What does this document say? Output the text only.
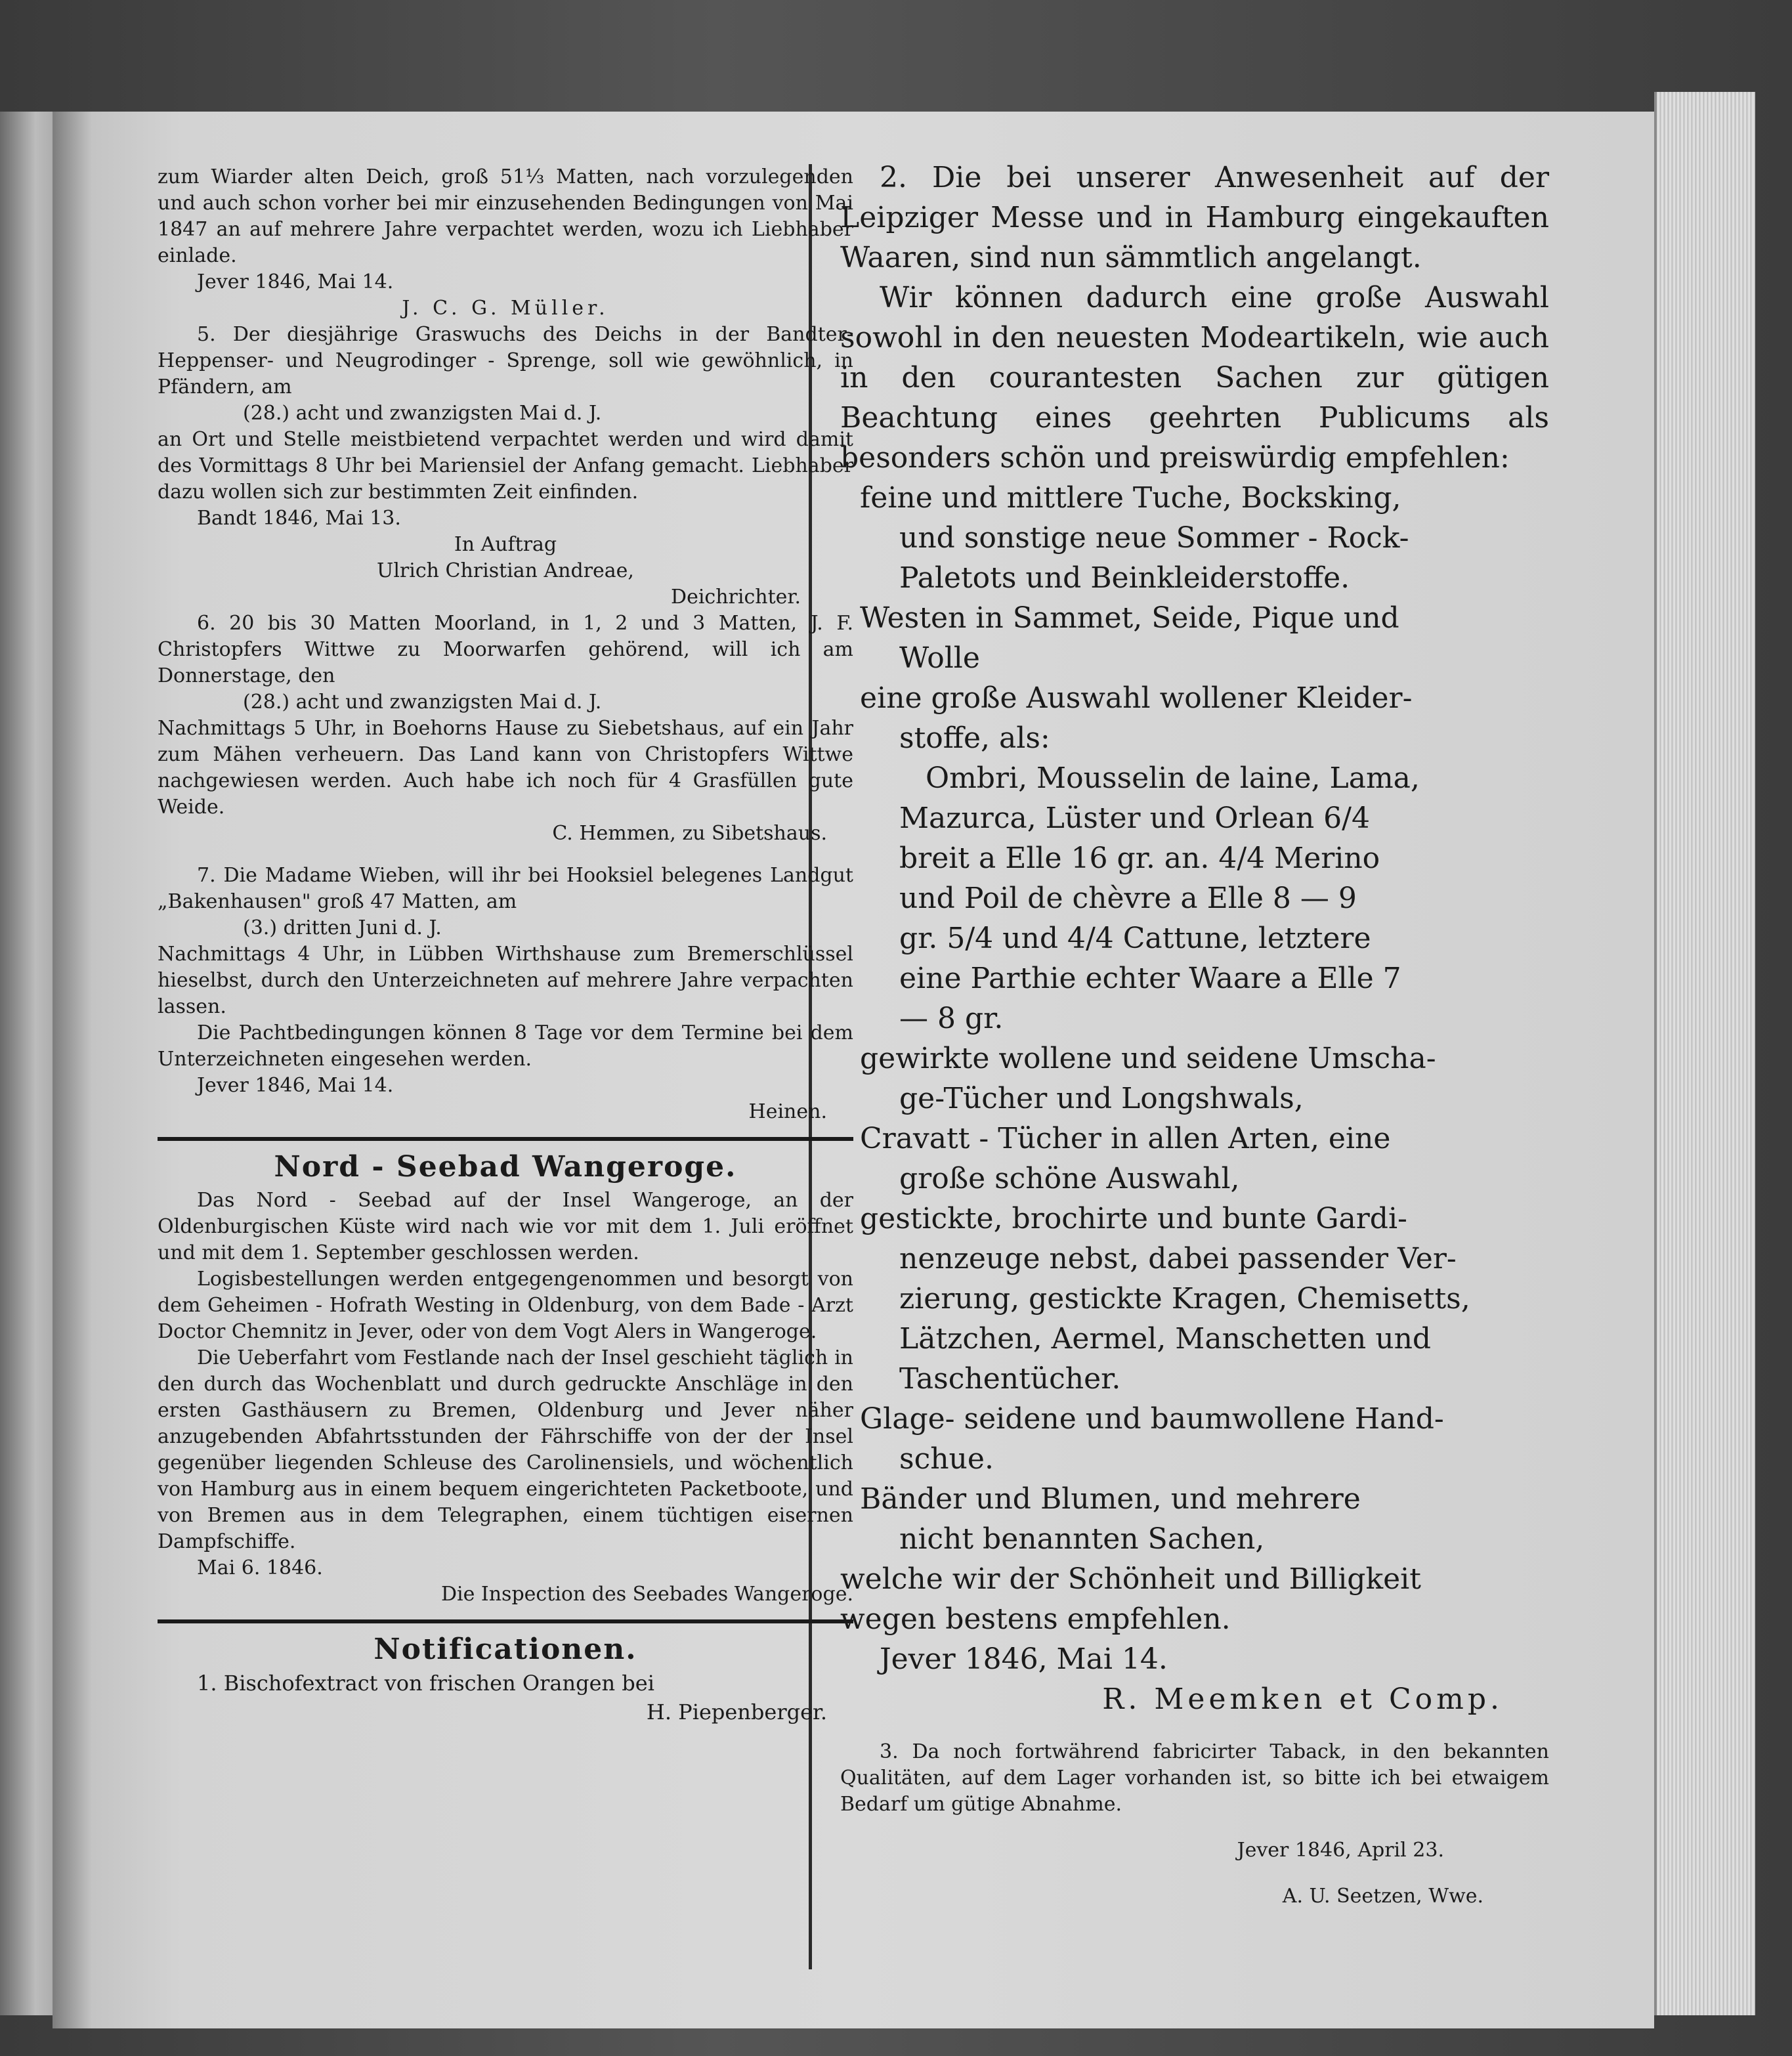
zum Wiarder alten Deich, groß 51⅓ Matten, nach vorzulegenden und auch schon vorher bei mir einzusehenden Bedingungen von Mai 1847 an auf mehrere Jahre verpachtet werden, wozu ich Liebhaber einlade.

Jever 1846, Mai 14.

J. C. G. Müller.

5. Der diesjährige Graswuchs des Deichs in der Bandter- Heppenser- und Neugrodinger - Sprenge, soll wie gewöhnlich, in Pfändern, am

(28.) acht und zwanzigsten Mai d. J.

an Ort und Stelle meistbietend verpachtet werden und wird damit des Vormittags 8 Uhr bei Mariensiel der Anfang gemacht. Liebhaber dazu wollen sich zur bestimmten Zeit einfinden.

Bandt 1846, Mai 13.

In Auftrag

Ulrich Christian Andreae,

Deichrichter.

6. 20 bis 30 Matten Moorland, in 1, 2 und 3 Matten, J. F. Christopfers Wittwe zu Moorwarfen gehörend, will ich am Donnerstage, den

(28.) acht und zwanzigsten Mai d. J.

Nachmittags 5 Uhr, in Boehorns Hause zu Siebetshaus, auf ein Jahr zum Mähen verheuern. Das Land kann von Christopfers Wittwe nachgewiesen werden. Auch habe ich noch für 4 Grasfüllen gute Weide.

C. Hemmen, zu Sibetshaus.

7. Die Madame Wieben, will ihr bei Hooksiel belegenes Landgut „Bakenhausen" groß 47 Matten, am

(3.) dritten Juni d. J.

Nachmittags 4 Uhr, in Lübben Wirthshause zum Bremerschlüssel hieselbst, durch den Unterzeichneten auf mehrere Jahre verpachten lassen.

Die Pachtbedingungen können 8 Tage vor dem Termine bei dem Unterzeichneten eingesehen werden.

Jever 1846, Mai 14.

Heinen.

Nord - Seebad Wangeroge.

Das Nord - Seebad auf der Insel Wangeroge, an der Oldenburgischen Küste wird nach wie vor mit dem 1. Juli eröffnet und mit dem 1. September geschlossen werden.

Logisbestellungen werden entgegengenommen und besorgt von dem Geheimen - Hofrath Westing in Oldenburg, von dem Bade - Arzt Doctor Chemnitz in Jever, oder von dem Vogt Alers in Wangeroge.

Die Ueberfahrt vom Festlande nach der Insel geschieht täglich in den durch das Wochenblatt und durch gedruckte Anschläge in den ersten Gasthäusern zu Bremen, Oldenburg und Jever näher anzugebenden Abfahrtsstunden der Fährschiffe von der der Insel gegenüber liegenden Schleuse des Carolinensiels, und wöchentlich von Hamburg aus in einem bequem eingerichteten Packetboote, und von Bremen aus in dem Telegraphen, einem tüchtigen eisernen Dampfschiffe.

Mai 6. 1846.

Die Inspection des Seebades Wangeroge.

Notificationen.

1. Bischofextract von frischen Orangen bei

H. Piepenberger.

2. Die bei unserer Anwesenheit auf der Leipziger Messe und in Hamburg eingekauften Waaren, sind nun sämmtlich angelangt.

Wir können dadurch eine große Auswahl sowohl in den neuesten Modeartikeln, wie auch in den courantesten Sachen zur gütigen Beachtung eines geehrten Publicums als besonders schön und preiswürdig empfehlen:

feine und mittlere Tuche, Bocksking,

und sonstige neue Sommer - Rock-

Paletots und Beinkleiderstoffe.

Westen in Sammet, Seide, Pique und

Wolle

eine große Auswahl wollener Kleider-

stoffe, als:

Ombri, Mousselin de laine, Lama,

Mazurca, Lüster und Orlean 6/4

breit a Elle 16 gr. an. 4/4 Merino

und Poil de chèvre a Elle 8 — 9

gr. 5/4 und 4/4 Cattune, letztere

eine Parthie echter Waare a Elle 7

— 8 gr.

gewirkte wollene und seidene Umscha-

ge-Tücher und Longshwals,

Cravatt - Tücher in allen Arten, eine

große schöne Auswahl,

gestickte, brochirte und bunte Gardi-

nenzeuge nebst, dabei passender Ver-

zierung, gestickte Kragen, Chemisetts,

Lätzchen, Aermel, Manschetten und

Taschentücher.

Glage- seidene und baumwollene Hand-

schue.

Bänder und Blumen, und mehrere

nicht benannten Sachen,

welche wir der Schönheit und Billigkeit

wegen bestens empfehlen.

Jever 1846, Mai 14.

R. Meemken et Comp.

3. Da noch fortwährend fabricirter Taback, in den bekannten Qualitäten, auf dem Lager vorhanden ist, so bitte ich bei etwaigem Bedarf um gütige Abnahme.

Jever 1846, April 23.

A. U. Seetzen, Wwe.
